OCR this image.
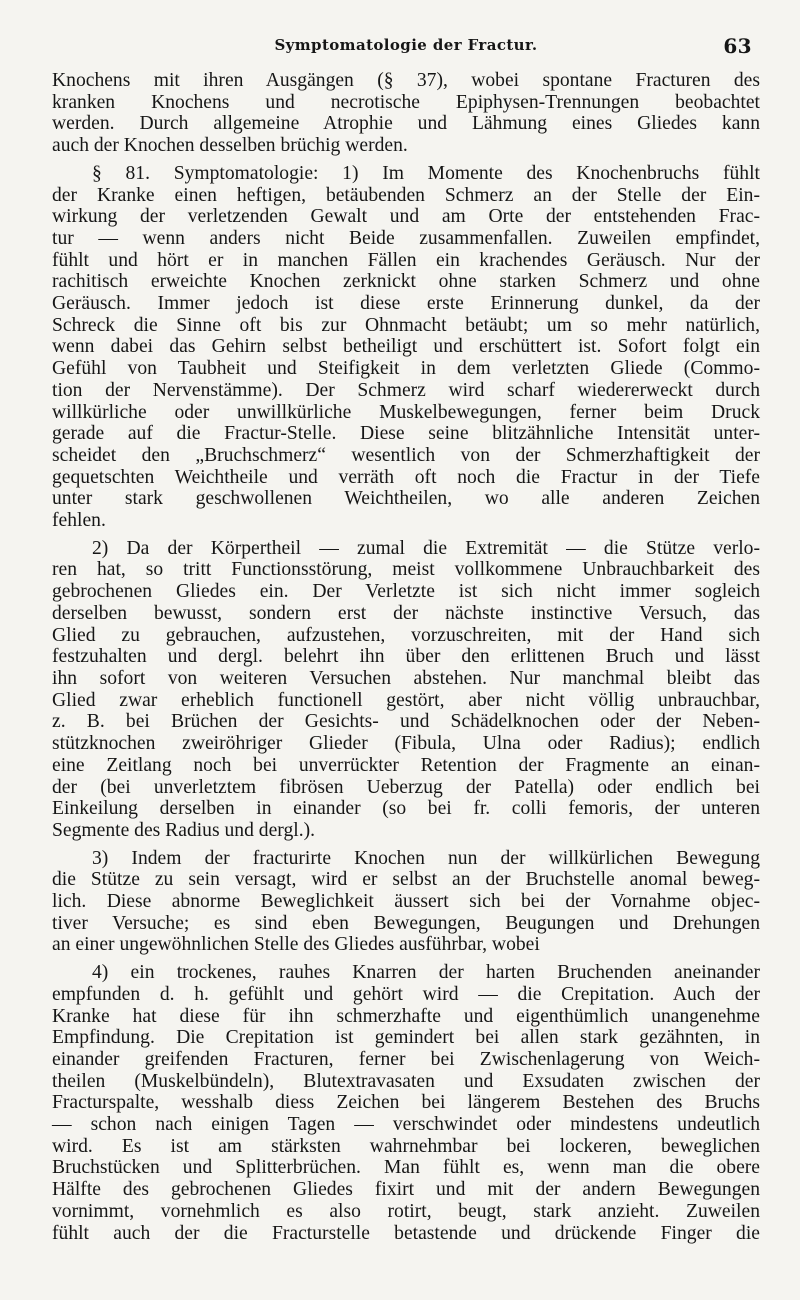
Symptomatologie der Fractur.	63
Knochens mit ihren Ausgängen (§ 37), wobei spontane Fracturen des
kranken Knochens und necrotische Epiphysen-Trennungen beobachtet
werden. Durch allgemeine Atrophie und Lähmung eines Gliedes kann
auch der Knochen desselben brüchig werden.
§ 81. Symptomatologie: 1) Im Momente des Knochenbruchs fühlt
der Kranke einen heftigen, betäubenden Schmerz an der Stelle der Ein-
wirkung der verletzenden Gewalt und am Orte der entstehenden Frac-
tur — wenn anders nicht Beide zusammenfallen. Zuweilen empfindet,
fühlt und hört er in manchen Fällen ein krachendes Geräusch. Nur der
rachitisch erweichte Knochen zerknickt ohne starken Schmerz und ohne
Geräusch. Immer jedoch ist diese erste Erinnerung dunkel, da der
Schreck die Sinne oft bis zur Ohnmacht betäubt; um so mehr natürlich,
wenn dabei das Gehirn selbst betheiligt und erschüttert ist. Sofort folgt ein
Gefühl von Taubheit und Steifigkeit in dem verletzten Gliede (Commo-
tion der Nervenstämme). Der Schmerz wird scharf wiedererweckt durch
willkürliche oder unwillkürliche Muskelbewegungen, ferner beim Druck
gerade auf die Fractur-Stelle. Diese seine blitzähnliche Intensität unter-
scheidet den „Bruchschmerz“ wesentlich von der Schmerzhaftigkeit der
gequetschten Weichtheile und verräth oft noch die Fractur in der Tiefe
unter stark geschwollenen Weichtheilen, wo alle anderen Zeichen
fehlen.
2) Da der Körpertheil — zumal die Extremität — die Stütze verlo-
ren hat, so tritt Functionsstörung, meist vollkommene Unbrauchbarkeit des
gebrochenen Gliedes ein. Der Verletzte ist sich nicht immer sogleich
derselben bewusst, sondern erst der nächste instinctive Versuch, das
Glied zu gebrauchen, aufzustehen, vorzuschreiten, mit der Hand sich
festzuhalten und dergl. belehrt ihn über den erlittenen Bruch und lässt
ihn sofort von weiteren Versuchen abstehen. Nur manchmal bleibt das
Glied zwar erheblich functionell gestört, aber nicht völlig unbrauchbar,
z. B. bei Brüchen der Gesichts- und Schädelknochen oder der Neben-
stützknochen zweiröhriger Glieder (Fibula, Ulna oder Radius); endlich
eine Zeitlang noch bei unverrückter Retention der Fragmente an einan-
der (bei unverletztem fibrösen Ueberzug der Patella) oder endlich bei
Einkeilung derselben in einander (so bei fr. colli femoris, der unteren
Segmente des Radius und dergl.).
3) Indem der fracturirte Knochen nun der willkürlichen Bewegung
die Stütze zu sein versagt, wird er selbst an der Bruchstelle anomal beweg-
lich. Diese abnorme Beweglichkeit äussert sich bei der Vornahme objec-
tiver Versuche; es sind eben Bewegungen, Beugungen und Drehungen
an einer ungewöhnlichen Stelle des Gliedes ausführbar, wobei
4) ein trockenes, rauhes Knarren der harten Bruchenden aneinander
empfunden d. h. gefühlt und gehört wird — die Crepitation. Auch der
Kranke hat diese für ihn schmerzhafte und eigenthümlich unangenehme
Empfindung. Die Crepitation ist gemindert bei allen stark gezähnten, in
einander greifenden Fracturen, ferner bei Zwischenlagerung von Weich-
theilen (Muskelbündeln), Blutextravasaten und Exsudaten zwischen der
Fracturspalte, wesshalb diess Zeichen bei längerem Bestehen des Bruchs
— schon nach einigen Tagen — verschwindet oder mindestens undeutlich
wird. Es ist am stärksten wahrnehmbar bei lockeren, beweglichen
Bruchstücken und Splitterbrüchen. Man fühlt es, wenn man die obere
Hälfte des gebrochenen Gliedes fixirt und mit der andern Bewegungen
vornimmt, vornehmlich es also rotirt, beugt, stark anzieht. Zuweilen
fühlt auch der die Fracturstelle betastende und drückende Finger die
